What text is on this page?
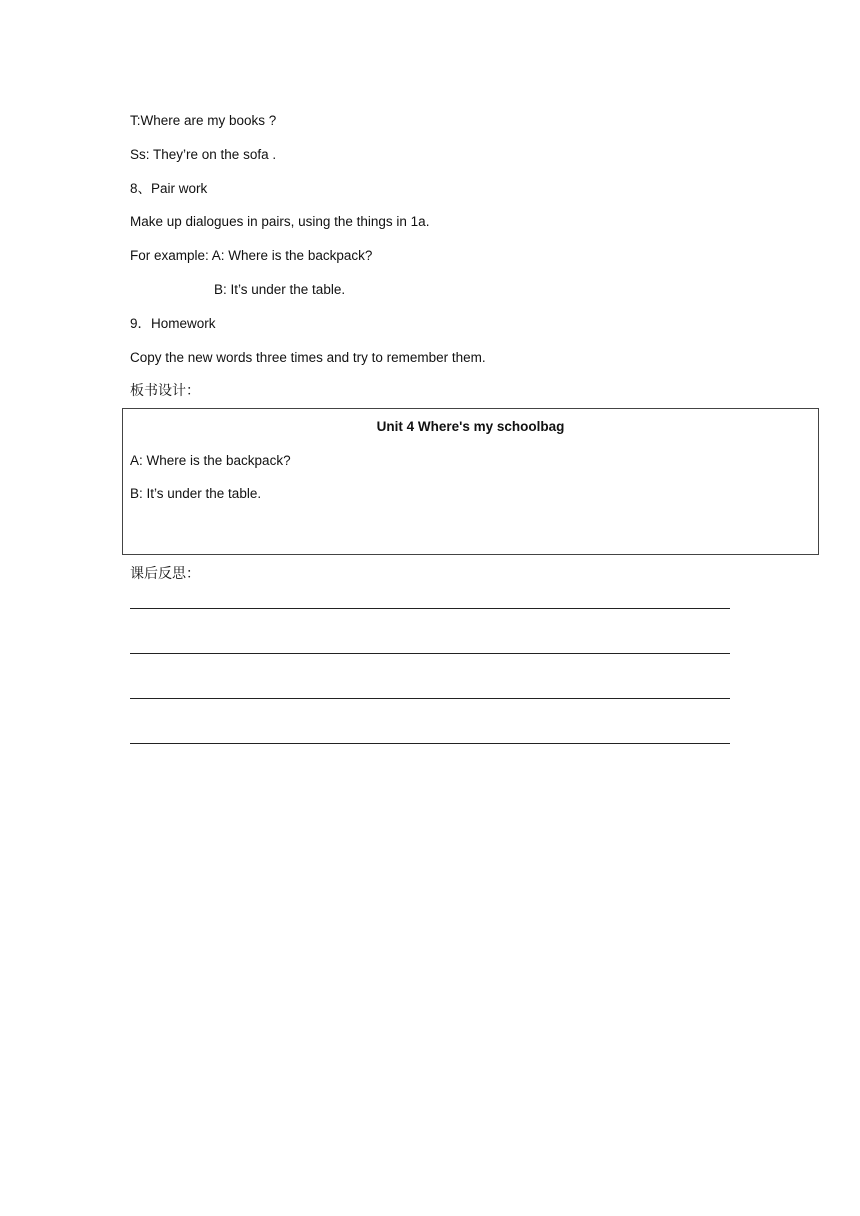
T:Where are my books ?
Ss: They’re on the sofa .
8、Pair work
Make up dialogues in pairs, using the things in 1a.
For example: A: Where is the backpack?
B: It’s under the table.
9．Homework
Copy the new words three times and try to remember them.
板书设计：
Unit 4 Where's my schoolbag
A: Where is the backpack?
B: It’s under the table.
课后反思：
